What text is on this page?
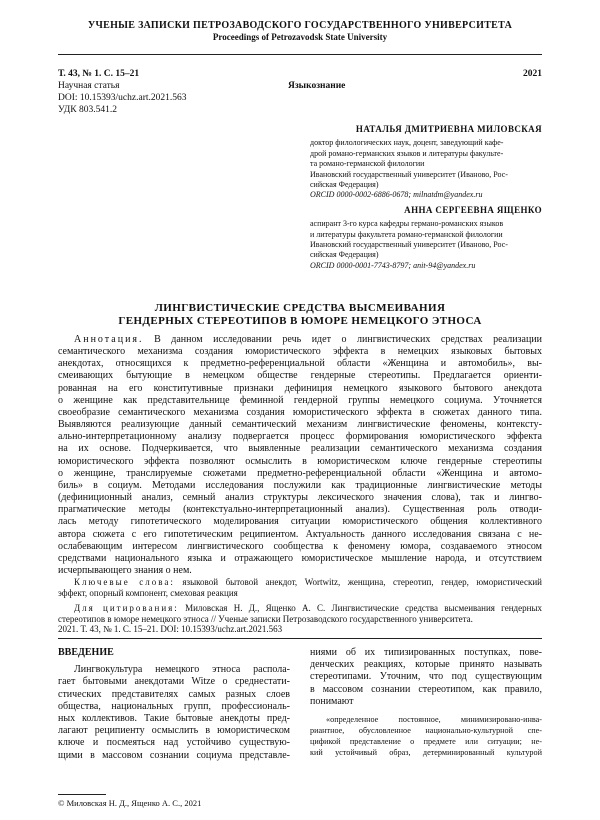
УЧЕНЫЕ ЗАПИСКИ ПЕТРОЗАВОДСКОГО ГОСУДАРСТВЕННОГО УНИВЕРСИТЕТА
Proceedings of Petrozavodsk State University
Т. 43, № 1. С. 15–21	2021
Научная статья	Языкознание
DOI: 10.15393/uchz.art.2021.563
УДК 803.541.2
НАТАЛЬЯ ДМИТРИЕВНА МИЛОВСКАЯ
доктор филологических наук, доцент, заведующий кафе-
дрой романо-германских языков и литературы факульте-
та романо-германской филологии
Ивановский государственный университет (Иваново, Рос-
сийская Федерация)
ORCID 0000-0002-6886-0678; milnatdm@yandex.ru
АННА СЕРГЕЕВНА ЯЩЕНКО
аспирант 3-го курса кафедры германо-романских языков
и литературы факультета романо-германской филологии
Ивановский государственный университет (Иваново, Рос-
сийская Федерация)
ORCID 0000-0001-7743-8797; anit-94@yandex.ru
ЛИНГВИСТИЧЕСКИЕ СРЕДСТВА ВЫСМЕИВАНИЯ
ГЕНДЕРНЫХ СТЕРЕОТИПОВ В ЮМОРЕ НЕМЕЦКОГО ЭТНОСА
Аннотация. В данном исследовании речь идет о лингвистических средствах реализации
семантического механизма создания юмористического эффекта в немецких языковых бытовых
анекдотах, относящихся к предметно-референциальной области «Женщина и автомобиль», вы-
смеивающих бытующие в немецком обществе гендерные стереотипы. Предлагается ориенти-
рованная на его конститутивные признаки дефиниция немецкого языкового бытового анекдота
о женщине как представительнице феминной гендерной группы немецкого социума. Уточняется
своеобразие семантического механизма создания юмористического эффекта в сюжетах данного типа.
Выявляются реализующие данный семантический механизм лингвистические феномены, контексту-
ально-интерпретационному анализу подвергается процесс формирования юмористического эффекта
на их основе. Подчеркивается, что выявленные реализации семантического механизма создания
юмористического эффекта позволяют осмыслить в юмористическом ключе гендерные стереотипы
о женщине, транслируемые сюжетами предметно-референциальной области «Женщина и автомо-
биль» в социум. Методами исследования послужили как традиционные лингвистические методы
(дефиниционный анализ, семный анализ структуры лексического значения слова), так и лингво-
прагматические методы (контекстуально-интерпретационный анализ). Существенная роль отводи-
лась методу гипотетического моделирования ситуации юмористического общения коллективного
автора сюжета с его гипотетическим реципиентом. Актуальность данного исследования связана с не-
ослабевающим интересом лингвистического сообщества к феномену юмора, создаваемого этносом
средствами национального языка и отражающего юмористическое мышление народа, и отсутствием
исчерпывающего знания о нем.
Ключевые слова: языковой бытовой анекдот, Wortwitz, женщина, стереотип, гендер, юмористический
эффект, опорный компонент, смеховая реакция
Для цитирования: Миловская Н. Д., Ященко А. С. Лингвистические средства высмеивания гендерных
стереотипов в юморе немецкого этноса // Ученые записки Петрозаводского государственного университета.
2021. Т. 43, № 1. С. 15–21. DOI: 10.15393/uchz.art.2021.563
ВВЕДЕНИЕ
Лингвокультура немецкого этноса распола-
гает бытовыми анекдотами Witze о среднестати-
стических представителях самых разных слоев
общества, национальных групп, профессиональ-
ных коллективов. Такие бытовые анекдоты пред-
лагают реципиенту осмыслить в юмористическом
ключе и посмеяться над устойчиво существую-
щими в массовом сознании социума представле-
ниями об их типизированных поступках, пове-
денческих реакциях, которые принято называть
стереотипами. Уточним, что под существующим
в массовом сознании стереотипом, как правило,
понимают
«определенное постоянное, минимизировано-инва-
риантное, обусловленное национально-культурной спе-
цификой представление о предмете или ситуации; не-
кий устойчивый образ, детерминированный культурой
© Миловская Н. Д., Ященко А. С., 2021
